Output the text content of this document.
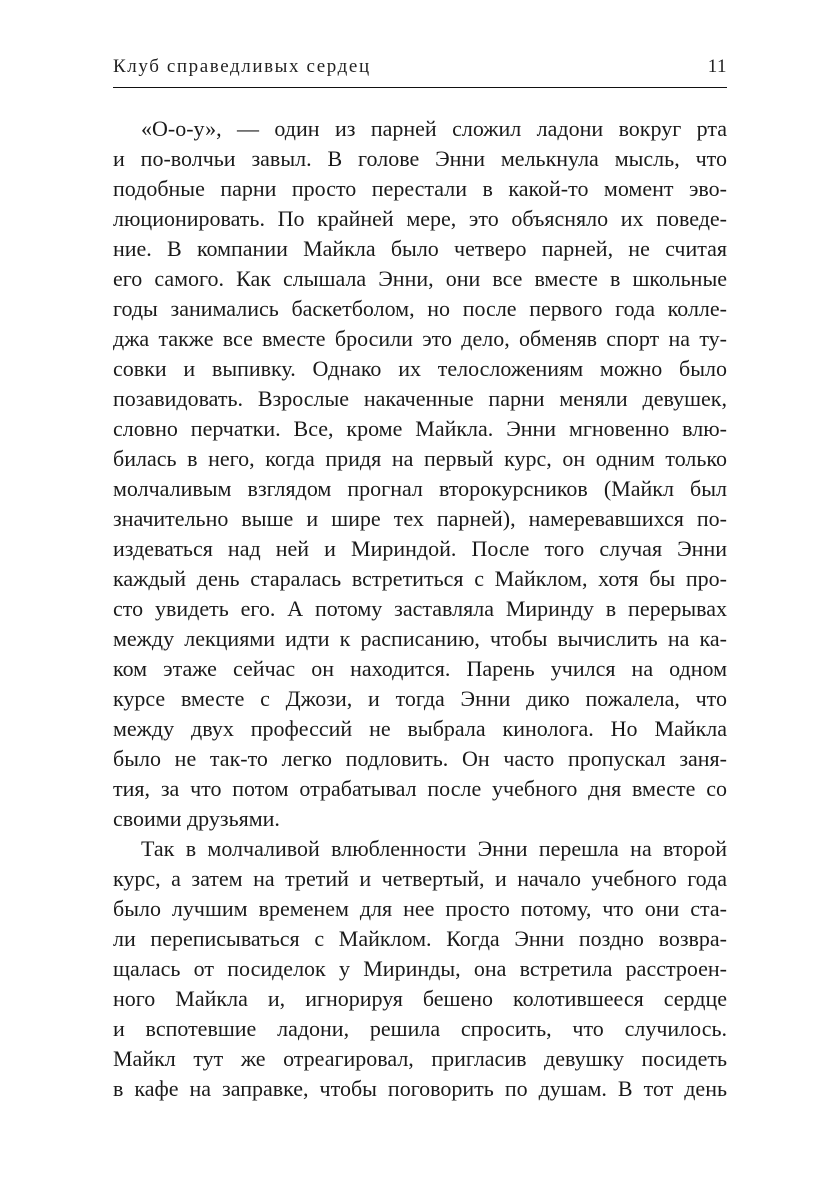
Клуб справедливых сердец	11
«О-о-у», — один из парней сложил ладони вокруг рта
и по-волчьи завыл. В голове Энни мелькнула мысль, что
подобные парни просто перестали в какой-то момент эво-
люционировать. По крайней мере, это объясняло их поведе-
ние. В компании Майкла было четверо парней, не считая
его самого. Как слышала Энни, они все вместе в школьные
годы занимались баскетболом, но после первого года колле-
джа также все вместе бросили это дело, обменяв спорт на ту-
совки и выпивку. Однако их телосложениям можно было
позавидовать. Взрослые накаченные парни меняли девушек,
словно перчатки. Все, кроме Майкла. Энни мгновенно влю-
билась в него, когда придя на первый курс, он одним только
молчаливым взглядом прогнал второкурсников (Майкл был
значительно выше и шире тех парней), намеревавшихся по-
издеваться над ней и Мириндой. После того случая Энни
каждый день старалась встретиться с Майклом, хотя бы про-
сто увидеть его. А потому заставляла Миринду в перерывах
между лекциями идти к расписанию, чтобы вычислить на ка-
ком этаже сейчас он находится. Парень учился на одном
курсе вместе с Джози, и тогда Энни дико пожалела, что
между двух профессий не выбрала кинолога. Но Майкла
было не так-то легко подловить. Он часто пропускал заня-
тия, за что потом отрабатывал после учебного дня вместе со
своими друзьями.
Так в молчаливой влюбленности Энни перешла на второй
курс, а затем на третий и четвертый, и начало учебного года
было лучшим временем для нее просто потому, что они ста-
ли переписываться с Майклом. Когда Энни поздно возвра-
щалась от посиделок у Миринды, она встретила расстроен-
ного Майкла и, игнорируя бешено колотившееся сердце
и вспотевшие ладони, решила спросить, что случилось.
Майкл тут же отреагировал, пригласив девушку посидеть
в кафе на заправке, чтобы поговорить по душам. В тот день
